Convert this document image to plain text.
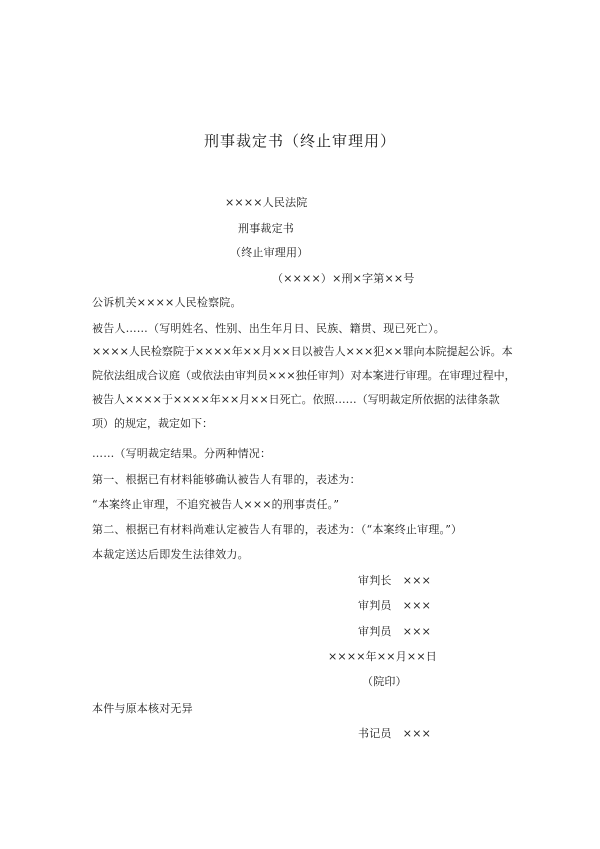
刑事裁定书（终止审理用）
××××人民法院
刑事裁定书
（终止审理用）
（××××）×刑×字第××号
公诉机关××××人民检察院。
被告人……（写明姓名、性别、出生年月日、民族、籍贯、现已死亡）。
××××人民检察院于××××年××月××日以被告人×××犯××罪向本院提起公诉。本院依法组成合议庭（或依法由审判员×××独任审判）对本案进行审理。在审理过程中，被告人××××于××××年××月××日死亡。依照……（写明裁定所依据的法律条款项）的规定，裁定如下：
……（写明裁定结果。分两种情况：
第一、根据已有材料能够确认被告人有罪的，表述为：
“本案终止审理，不追究被告人×××的刑事责任。”
第二、根据已有材料尚难认定被告人有罪的，表述为：（“本案终止审理。”）
本裁定送达后即发生法律效力。
审判长　×××
审判员　×××
审判员　×××
××××年××月××日
（院印）
本件与原本核对无异
书记员　×××
